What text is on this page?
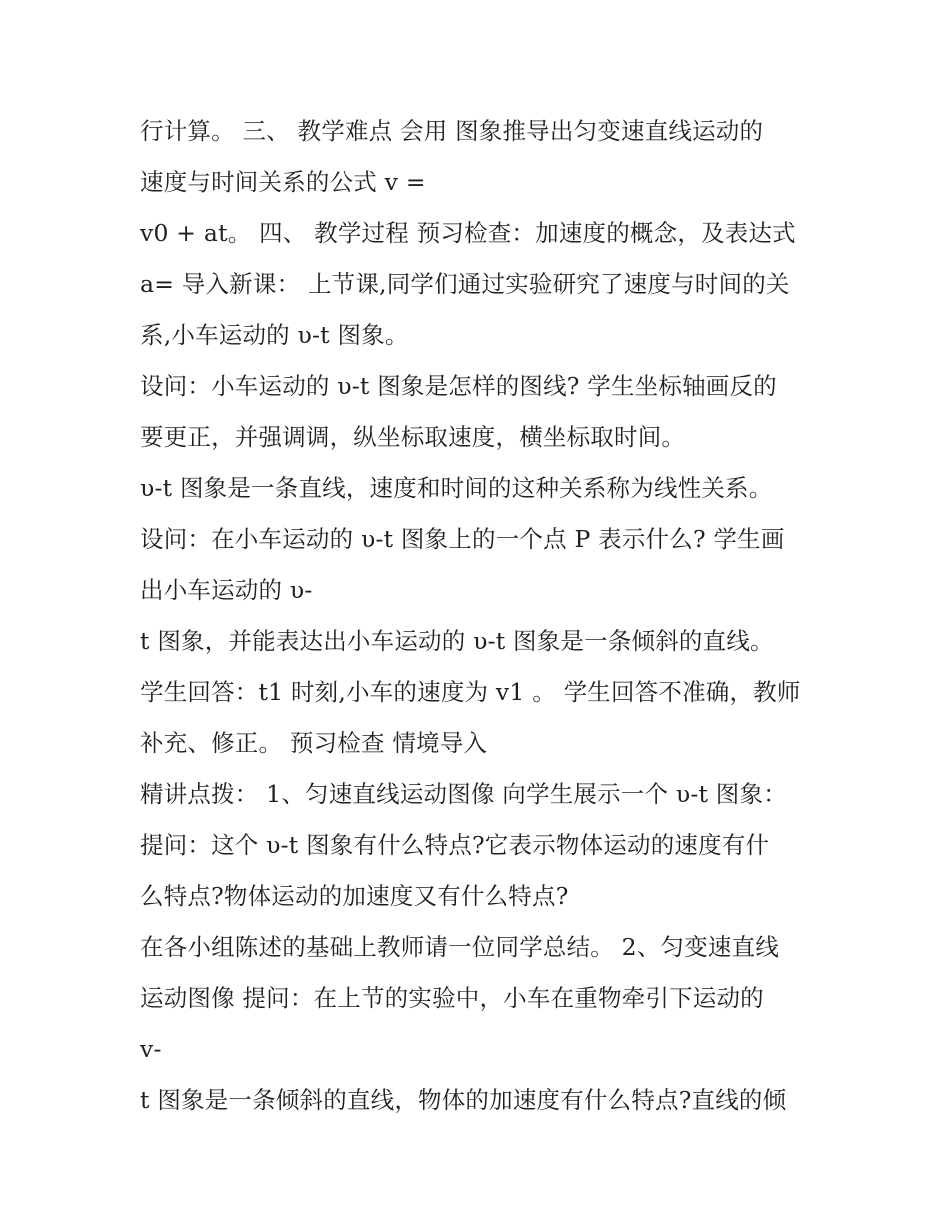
行计算。 三、 教学难点 会用 图象推导出匀变速直线运动的
速度与时间关系的公式 v =
v0 + at。 四、 教学过程 预习检查：加速度的概念，及表达式
a= 导入新课： 上节课,同学们通过实验研究了速度与时间的关
系,小车运动的 υ-t 图象。
设问：小车运动的 υ-t 图象是怎样的图线? 学生坐标轴画反的
要更正，并强调调，纵坐标取速度，横坐标取时间。
υ-t 图象是一条直线，速度和时间的这种关系称为线性关系。
设问：在小车运动的 υ-t 图象上的一个点 P 表示什么? 学生画
出小车运动的 υ-
t 图象，并能表达出小车运动的 υ-t 图象是一条倾斜的直线。
学生回答：t1 时刻,小车的速度为 v1 。 学生回答不准确，教师
补充、修正。 预习检查 情境导入
精讲点拨： 1、匀速直线运动图像 向学生展示一个 υ-t 图象：
提问：这个 υ-t 图象有什么特点?它表示物体运动的速度有什
么特点?物体运动的加速度又有什么特点?
在各小组陈述的基础上教师请一位同学总结。 2、匀变速直线
运动图像 提问：在上节的实验中，小车在重物牵引下运动的
v-
t 图象是一条倾斜的直线，物体的加速度有什么特点?直线的倾
